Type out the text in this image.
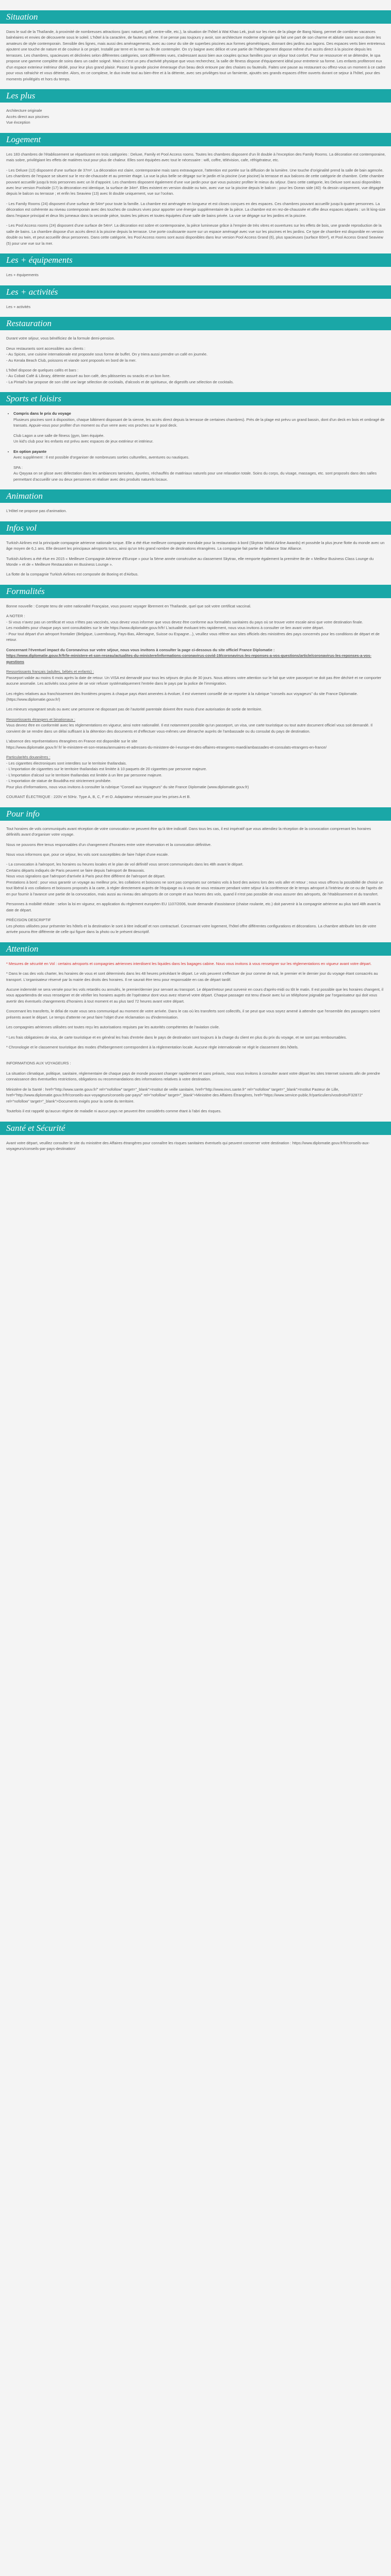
Situation

Dans le sud de la Thaïlande, à proximité de nombreuses attractions (parc naturel, golf, centre-ville, etc.), la situation de l'hôtel à Wat Khao Lek, jouit sur les rives de la plage de Bang Niang, permet de combiner vacances balnéaires et envies de découverte sous le soleil. L'hôtel à la caractère, de fauteurs même. Il se pense pas toujours y avoir, son architecture moderne originale qui fait une part de son charme et ablutie sans aucun doute les amateurs de style contemporain. Sensible des lignes, mais aussi des aménagements, avec au coeur du site de superbes piscines aux formes géométriques, donnant des jardins aux lagons. Des espaces verts bien entretenus ajoutent une touche de nature et de couleur à ce projet. Installé par terre et la mer au fin de contempler. On s'y baigne avec délice et une partie de l'hébergement dispose même d'un accès direct à la piscine depuis les terrasses. Les chambres, spacieuses et déclinées selon différentes catégories, sont différentes vues, s'adressant aussi bien aux couples qu'aux familles pour un séjour tout confort. Pour se ressourcer et se détendre, le spa propose une gamme complète de soins dans un cadre soigné. Mais si c'est un peu d'activité physique que vous recherchez, la salle de fitness dispose d'équipement idéal pour entretenir sa forme. Les enfants profiteront eux d'un espace exterieur intérieur dédié, pour leur plus grand plaisir. Passez la grande piscine émerauge d'un beau deck entoure par des chaises ou fauteuils. Faites une pause au restaurant ou offrez-vous un moment à ce cadre pour vous rafraichir et vous détendre. Alors, en ce complexe, le duo invite tout au bien-être et à la détente, avec ses privilèges tout un farniente, ajoutés ses grands espaces d'être ouverts durant ce sejour à l'hôtel, pour des moments privilégiés et hors du temps.

Les plus
Architecture originale
Accès direct aux piscines
Vue éxception
Logement

Les 183 chambres de l'établissement se répartissent en trois catégories : Deluxe, Family et Pool Access rooms. Toutes les chambres disposent d'un lit double à l'exception des Family Rooms. La décoration est contemporaine, mais sobre, privilégiant les effets de matières tout pour plus de chaleur. Elles sont équipées avec tout le nécessaire : wifi, coffre, télévision, cafe, réfrigérateur, etc.

- Les Deluxe (12) disposent d'une surface de 37m². La décoration est claire, contemporaine mais sans extravagance, l'attention est portée sur la diffusion de la lumière. Une touche d'originalité prend la salle de bain agencée. Les chambres de l'espace se situent sur le rez-de-chaussée et au premier étage. La vue la plus belle se dégage sur le jardin et la piscine (vue piscine) la terrasse et aux balcons de cette catégorie de chambre. Cette chambre pouvant accueillir jusqu'à trois personnes avec un lit d'appoint. Les chambres disposent également d'une vue jardin pour que vous puissiez profiter le mieux du séjour. Dans cette catégorie, les Deluxe sont aussi disponibles avec leur version Poolside (17) la décoration est identique, la surface de 34m². Elles existent en version double ou twin, avec vue sur la piscine depuis le balcon ; pour les Ocean side (40) -fa dessin uniquement, vue dégagée depuis le balcon ou terrasse ; et enfin les Seaview (13) avec lit double uniquement, vue sur l'océan.

- Les Family Rooms (24) disposent d'une surface de 54m² pour toute la famille. La chambre est aménagée en longueur et est closes conçues en des espaces. Ces chambres pouvant accueillir jusqu'à quatre personnes. La décoration est cohérente au niveau contemporain avec des touches de couleurs vives pour apporter une énergie supplémentaire de la pièce. La chambre est en rez-de-chaussée et offre deux espaces séparés : un lit king-size dans l'espace principal et deux lits jumeaux dans la seconde pièce, toutes les pièces et toutes équipées d'une salle de bains privée. La vue se dégage sur les jardins et la piscine.

- Les Pool Access rooms (24) disposent d'une surface de 54m². La décoration est sobre et contemporaine, la pièce lumineuse grâce à l'empire de très vitres et ouvertures sur les effets de bois, une grande reproduction de la salle de bains. La chambre dispose d'un accès direct à la piscine depuis la terrasse. Une porte coulissante ouvre sur un espace aménagé avec vue sur les piscines et les jardins. Ce type de chambre est disponible en version double ou twin, et peut accueillir deux personnes. Dans cette catégorie, les Pool Access rooms sont aussi disponibles dans leur version Pool Access Grand (6), plus spacieuses (surface 60m²), et Pool Access Grand Seaview (5) pour une vue sur la mer.

Les + équipements

Les + équipements

Les + activités

Les + activités

Restauration

Durant votre séjour, vous bénéficiez de la formule demi-pension.

Deux restaurants sont accessibles aux clients :
- Au Spices, une cuisine internationale est proposée sous forme de buffet. On y triera aussi prendre un café en journée.

- Au Kerala Beach Club, poissons et viande sont proposés en bord de la mer.

L'hôtel dispose de quelques cafés et bars :
- Au Cobait Café & Library, détente assuré au bon café, des pâtisseries ou snacks et un bon livre.

- La Pintail's bar propose de son côté une large sélection de cocktails, d'alcools et de spiritueux, de digestifs une sélection de cocktails.

Sports et loisirs
• Compris dans le prix du voyage

Plusieurs piscines sont à disposition, chaque bâtiment disposant de la sienne, les accès direct depuis la terrasse de certaines chambres). Près de la plage est prévu un grand bassin, dont d'un deck en bois et ombragé de transats. Appuie-vous pour profiter d'un moment ou d'un verre avec vos proches sur le pool deck.

Club Lagon a une salle de fitness (gym, bien équipée.

Un kid's club pour les enfants est prévu avec espaces de jeux extérieur et intérieur.

• En option payante

Avec supplément : Il est possible d'organiser de nombreuses sorties culturelles, aventures ou nautiques.

SPA :

Au Qayyaa on se glisse avec délectation dans les ambiances tamisées, épurées, réchauffés de matériaux naturels pour une relaxation totale. Soins du corps, du visage, massages, etc. sont proposés dans des salles permettant d'accueillir une ou deux personnes et réaliser avec des produits naturels locaux.

Animation

L'Hôtel ne propose pas d'animation.

Infos vol

Turkish Airlines est la principale compagnie aérienne nationale turque. Elle a été élue meilleure compagnie mondiale pour la restauration à bord (Skytrax World Airline Awards) et possède la plus jeune flotte du monde avec un âge moyen de 6,1 ans. Elle dessert les principaux aéroports turcs, ainsi qu'un très grand nombre de destinations étrangères. La compagnie fait partie de l'alliance Star Alliance.

Turkish Airlines a été élue en 2015 « Meilleure Compagnie Aérienne d'Europe » pour la 5ème année consécutive au classement Skytrax, elle remporte également la première 8e de « Meilleur Business Class Lounge du Monde » et de « Meilleure Restauration en Business Lounge ».

La flotte de la compagnie Turkish Airlines est composée de Boeing et d'Airbus.

Formalités

Bonne nouvelle : Compte tenu de votre nationalité Française, vous pouvez voyager librement en Thaïlande, quel que soit votre certificat vaccinal.

A NOTER :
- Si vous n'avez pas un certificat et vous n'êtes pas vaccinés, vous devez vous informer que vous devez être conforme aux formalités sanitaires du pays où se trouve votre escale ainsi que votre destination finale.
Les modalités pour chaque pays sont consultables sur le site https://www.diplomatie.gouv.fr/fr/ L'actualité évoluant très rapidement, nous vous invitons à consulter ce lien avant votre départ.

- Pour tout départ d'un aéroport frontalier (Belgique, Luxembourg, Pays-Bas, Allemagne, Suisse ou Espagne...), veuillez vous référer aux sites officiels des ministères des pays concernés pour les conditions de départ et de retour.

Concernant l'éventuel impact du Coronavirus sur votre séjour, nous vous invitons à consulter la page ci-dessous du site officiel France Diplomatie :

https://www.diplomatie.gouv.fr/fr/le-ministere-et-son-reseau/actualites-du-ministere/informations-coronavirus-covid-19/coronavirus-les-reponses-a-vos-questions/article/coronavirus-les-reponses-a-vos-questions

Ressortissants français (adultes, bébés et enfants) :

Passeport valide au moins 6 mois après la date de retour. Un VISA est demandé pour tous les séjours de plus de 30 jours. Nous attirons votre attention sur le fait que votre passeport ne doit pas être déchiré et ne comporter aucune anomalie. Les activités sous peine de se voir refuser systématiquement l'entrée dans le pays par la police de l'immigration.

Les règles relatives aux franchissement des frontières propres à chaque pays étant amenées à évoluer, il est vivement conseillé de se reporter à la rubrique "conseils aux voyageurs" du site France Diplomatie. (https://www.diplomatie.gouv.fr/)

Les mineurs voyageant seuls ou avec une personne ne disposant pas de l'autorité parentale doivent être munis d'une autorisation de sortie de territoire.

Ressortissants étrangers et binationaux :

Vous devrez être en conformité avec les réglementations en vigueur, ainsi notre nationalité. Il est notamment possible qu'un passeport, un visa, une carte touristique ou tout autre document officiel vous soit demandé. Il convient de se rendre dans un délai suffisant à la détention des documents et d'effectuer vous-mêmes une démarche auprès de l'ambassade ou du consulat du pays de destination.

L'absence des représentations étrangères en France est disponible sur le site

https://www.diplomatie.gouv.fr/ fr/ le-ministere-et-son-reseau/annuaires-et-adresses-du-ministere-de-l-europe-et-des-affaires-etrangeres-maedi/ambassades-et-consulats-etrangers-en-france/

Particularités douanières :
- Les cigarettes électroniques sont interdites sur le territoire thaïlandais.
- L'importation de cigarettes sur le territoire thaïlandais est limitée à 10 paquets de 20 cigarettes par personne majeure.
- L'importation d'alcool sur le territoire thaïlandais est limitée à un litre par personne majeure.
- L'exportation de statue de Bouddha est strictement prohibée.

Pour plus d'informations, nous vous invitons à consulter la rubrique "Conseil aux Voyageurs" du site France Diplomatie (www.diplomatie.gouv.fr)

COURANT ÉLECTRIQUE : 220V et 50Hz. Type A, B, C, F et O. Adaptateur nécessaire pour les prises A et B.

Pour info

Tout horaires de vols communiqués avant réception de votre convocation ne peuvent être qu'à titre indicatif. Dans tous les cas, il est impératif que vous attendiez la réception de la convocation comprenant les horaires définitifs avant d'organiser votre voyage.

Nous ne pouvons être tenus responsables d'un changement d'horaires entre votre réservation et la convocation définitive.

Nous vous informons que, pour ce séjour, les vols sont susceptibles de faire l'objet d'une escale.

- La convocation à l'aéroport, les horaires ou heures locales et le plan de vol définitif vous seront communiqués dans les 48h avant le départ.
Certains départs indiqués de Paris peuvent se faire depuis l'aéroport de Beauvais.
Nous vous signalons que l'aéroport d'arrivée à Paris peut être différent de l'aéroport de départ.

Prestations à bord : pour vous garantir un voyage au meilleur prix, les collations et boissons ne sont pas comprises sur certains vols à bord des avions lors des vols aller et retour ; nous vous offrons la possibilité de choisir un tout libéral à vos collations et boissons proposés à la carte, à régler directement auprès de l'équipage ou à vous de vous restaurer pendant votre séjour à la conférence de le temps aéroport à l'intérieur de ce ou de l'après de en pur fournir à l'avance une partie de la convocation, mais aussi au niveau des aéroports de ce compte et aux heures des vols, quand il n'est pas possible de vous assurer des aéroports, de l'établissement et du transfert.

Personnes à mobilité réduite : selon la loi en vigueur, en application du règlement européen EU 1107/2006, toute demande d'assistance (chaise roulante, etc.) doit parvenir à la compagnie aérienne au plus tard 48h avant la date de départ.

PRÉCISION DESCRIPTIF

Les photos utilisées pour présenter les hôtels et la destination le sont à titre indicatif et non contractuel. Concernant votre logement, l'hôtel offre différentes configurations et décorations. La chambre attribuée lors de votre arrivée pourra être différente de celle qui figure dans la photo ou le présent descriptif.

Attention

* Mesures de sécurité en Vol : certains aéroports et compagnies aériennes interdisent les liquides dans les bagages cabine. Nous vous invitons à vous renseigner sur les réglementations en vigueur avant votre départ.

* Dans le cas des vols charter, les horaires de vous et sont déterminés dans les 48 heures précédant le départ. Le vols peuvent s'effectuer de jour comme de nuit, le premier et le dernier jour du voyage étant consacrés au transport. L'organisateur réservé par la mairie des droits des horaires. Il ne saurait être tenu pour responsable en cas de départ tardif.

Aucune indemnité ne sera versée pour les vols retardés ou annulés, le premier/dernier jour servant au transport. Le départ/retour peut survenir en cours d'après-midi ou tôt le matin. Il est possible que les horaires changent, il vous appartiendra de vous renseigner et de vérifier les horaires auprès de l'opérateur dont vous avez réservé votre départ. Chaque passager est tenu d'avoir avec lui un téléphone joignable par l'organisateur qui doit vous avertir des éventuels changements d'horaires à tout moment et au plus tard 72 heures avant votre départ.

Concernant les transferts, le délai de route vous sera communiqué au moment de votre arrivée. Dans le cas où les transferts sont collectifs, il se peut que vous soyez amené à attendre que l'ensemble des passagers soient présents avant le départ. Le temps d'attente ne peut faire l'objet d'une réclamation ou d'indemnisation.

Les compagnies aériennes utilisées ont toutes reçu les autorisations requises par les autorités compétentes de l'aviation civile.

* Les frais obligatoires de visa, de carte touristique et en général les frais d'entrée dans le pays de destination sont toujours à la charge du client en plus du prix du voyage, et ne sont pas remboursables.

* Chronologie et le classement touristique des modes d'hébergement correspondent à la réglementation locale. Aucune règle internationale ne régit le classement des hôtels.

INFORMATIONS AUX VOYAGEURS :

La situation climatique, politique, sanitaire, réglementaire de chaque pays de monde pouvant changer rapidement et sans préavis, nous vous invitons à consulter avant votre départ les sites Internet suivants afin de prendre connaissance des éventuelles restrictions, obligations ou recommandations des informations relatives à votre destination.

Ministère de la Santé : href="http://www.sante.gouv.fr/" rel="nofollow" target="_blank">Institut de veille sanitaire, href="http://www.invs.sante.fr" rel="nofollow" target="_blank">Institut Pasteur de Lille, href="http://www.diplomatie.gouv.fr/fr/conseils-aux-voyageurs/conseils-par-pays/" rel="nofollow" target="_blank">Ministère des Affaires Étrangères, href="https://www.service-public.fr/particuliers/vosdroits/F32872" rel="nofollow" target="_blank">Documents exigés pour la sortie du territoire.

Toutefois il est rappelé qu'aucun régime de maladie ni aucun pays ne peuvent être considérés comme étant à l'abri des risques.

Santé et Sécurité

Avant votre départ, veuillez consulter le site du ministère des Affaires étrangères pour connaître les risques sanitaires éventuels qui peuvent concerner votre destination : https://www.diplomatie.gouv.fr/fr/conseils-aux-voyageurs/conseils-par-pays-destination/
